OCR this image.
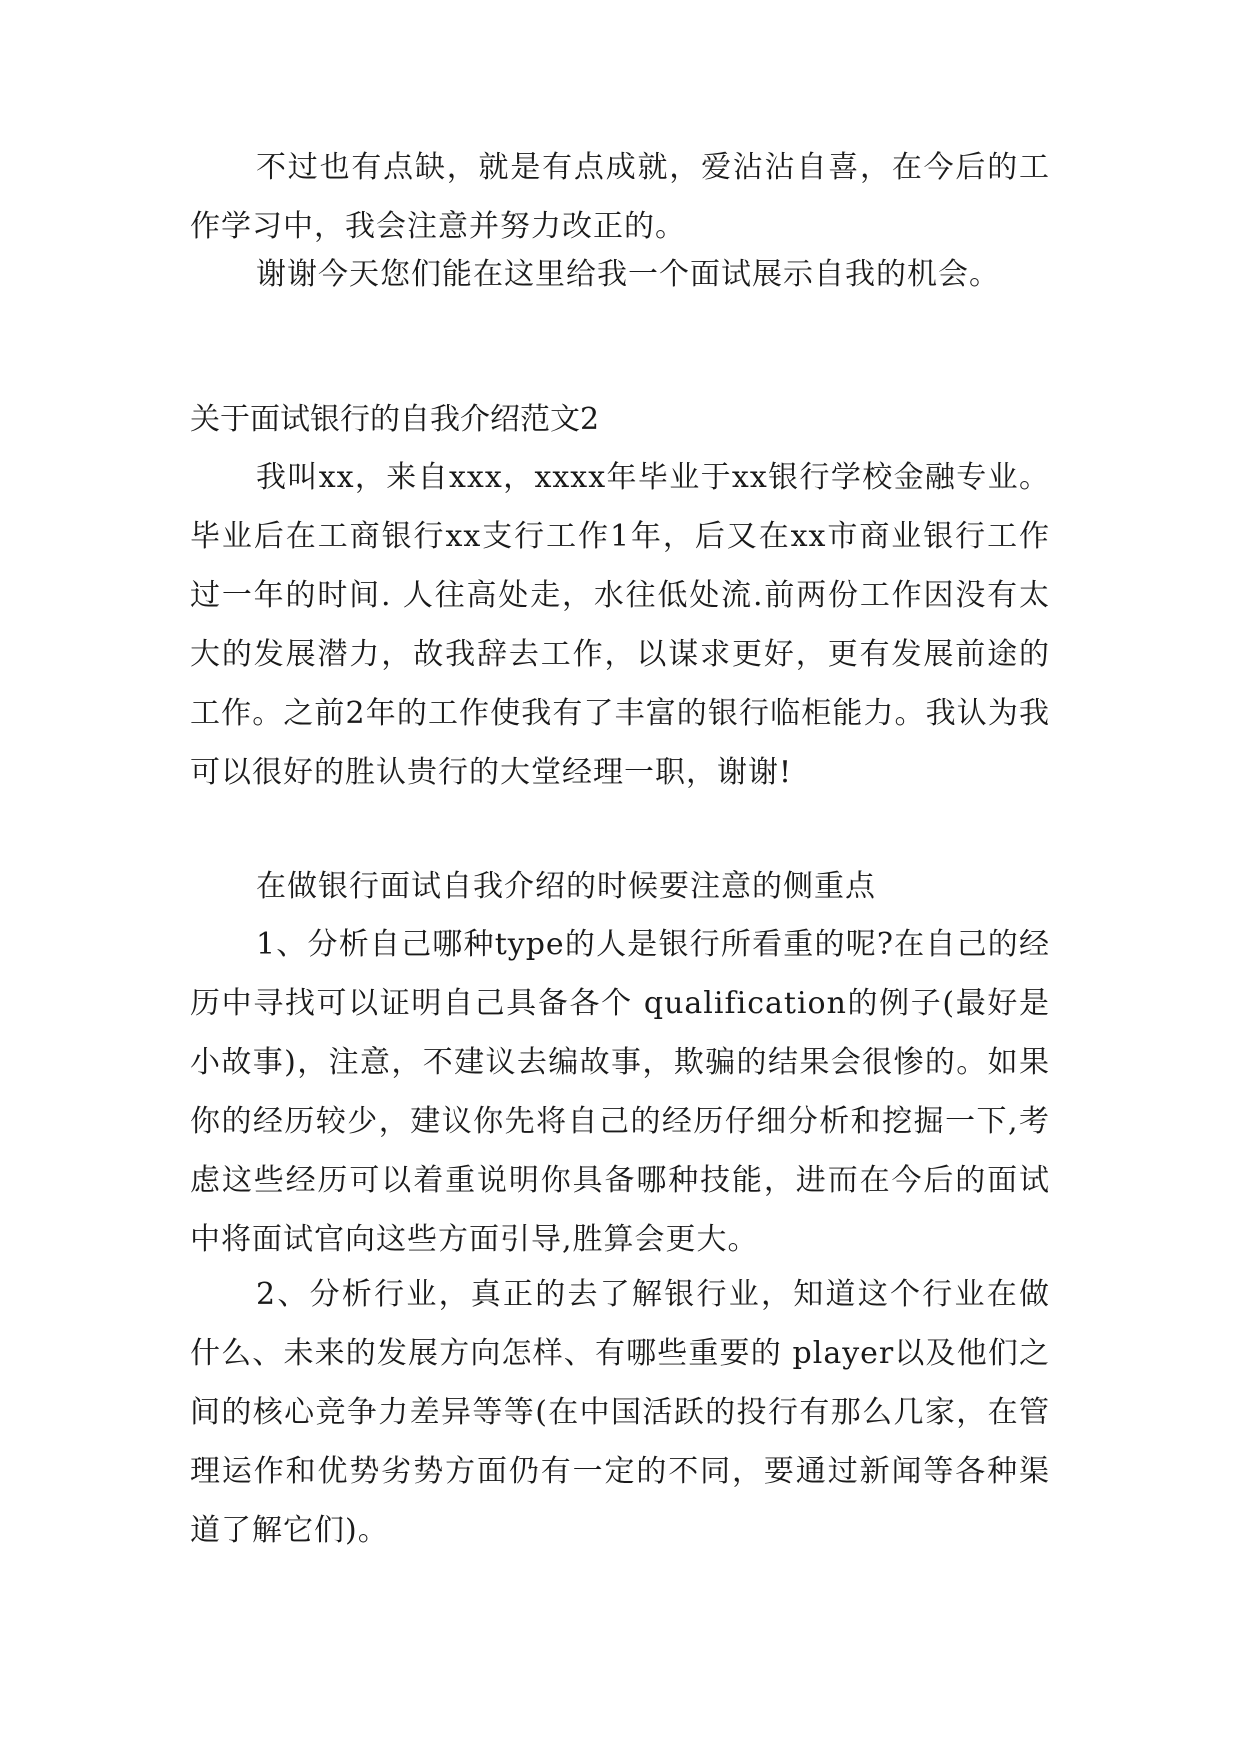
不过也有点缺，就是有点成就，爱沾沾自喜，在今后的工作学习中，我会注意并努力改正的。

谢谢今天您们能在这里给我一个面试展示自我的机会。

关于面试银行的自我介绍范文2

我叫xx，来自xxx，xxxx年毕业于xx银行学校金融专业。毕业后在工商银行xx支行工作1年，后又在xx市商业银行工作过一年的时间. 人往高处走，水往低处流.前两份工作因没有太大的发展潜力，故我辞去工作，以谋求更好，更有发展前途的工作。之前2年的工作使我有了丰富的银行临柜能力。我认为我可以很好的胜认贵行的大堂经理一职，谢谢!

在做银行面试自我介绍的时候要注意的侧重点

1、分析自己哪种type的人是银行所看重的呢?在自己的经历中寻找可以证明自己具备各个 qualification的例子(最好是小故事)，注意，不建议去编故事，欺骗的结果会很惨的。如果你的经历较少，建议你先将自己的经历仔细分析和挖掘一下,考虑这些经历可以着重说明你具备哪种技能，进而在今后的面试中将面试官向这些方面引导,胜算会更大。

2、分析行业，真正的去了解银行业，知道这个行业在做什么、未来的发展方向怎样、有哪些重要的 player以及他们之间的核心竞争力差异等等(在中国活跃的投行有那么几家，在管理运作和优势劣势方面仍有一定的不同，要通过新闻等各种渠道了解它们)。
